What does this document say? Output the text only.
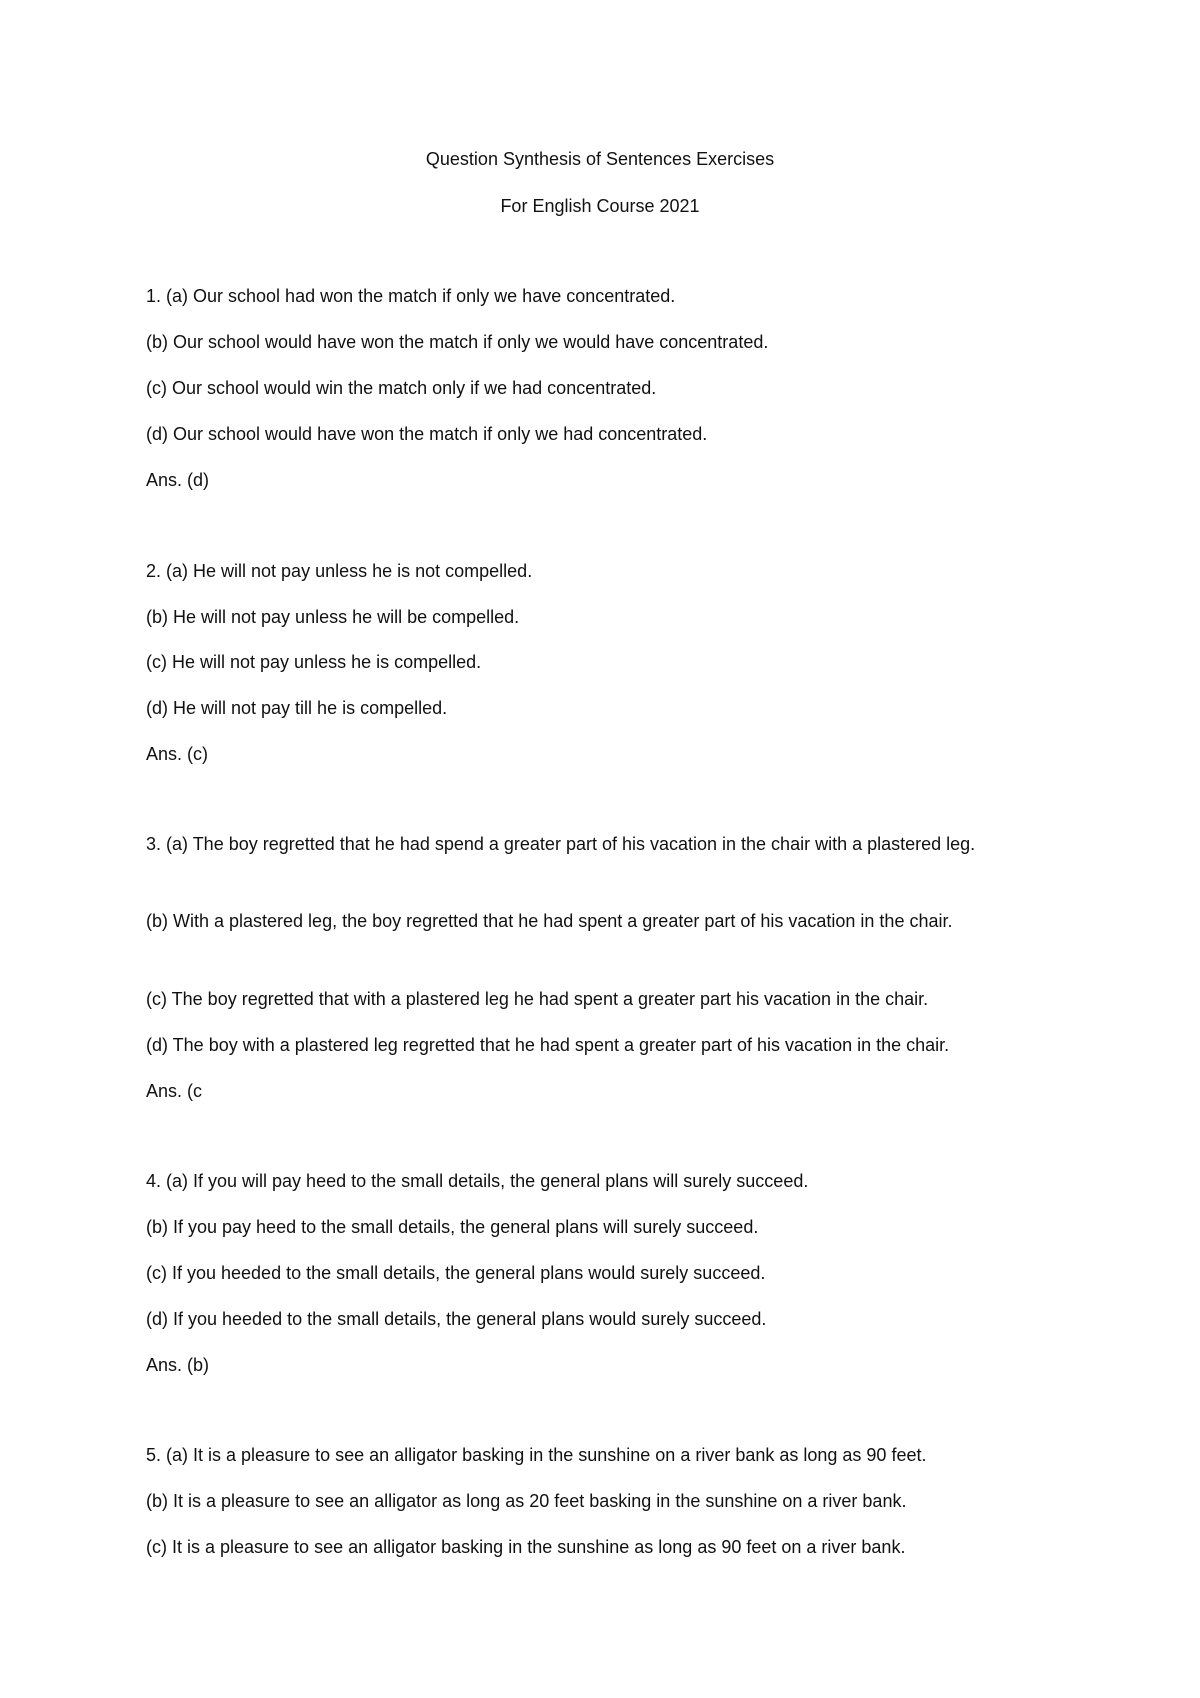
Question Synthesis of Sentences Exercises
For English Course 2021
1. (a) Our school had won the match if only we have concentrated.
(b) Our school would have won the match if only we would have concentrated.
(c) Our school would win the match only if we had concentrated.
(d) Our school would have won the match if only we had concentrated.
Ans. (d)
2. (a) He will not pay unless he is not compelled.
(b) He will not pay unless he will be compelled.
(c) He will not pay unless he is compelled.
(d) He will not pay till he is compelled.
Ans. (c)
3. (a) The boy regretted that he had spend a greater part of his vacation in the chair with a plastered leg.
(b) With a plastered leg, the boy regretted that he had spent a greater part of his vacation in the chair.
(c) The boy regretted that with a plastered leg he had spent a greater part his vacation in the chair.
(d) The boy with a plastered leg regretted that he had spent a greater part of his vacation in the chair.
Ans. (c
4. (a) If you will pay heed to the small details, the general plans will surely succeed.
(b) If you pay heed to the small details, the general plans will surely succeed.
(c) If you heeded to the small details, the general plans would surely succeed.
(d) If you heeded to the small details, the general plans would surely succeed.
Ans. (b)
5. (a) It is a pleasure to see an alligator basking in the sunshine on a river bank as long as 90 feet.
(b) It is a pleasure to see an alligator as long as 20 feet basking in the sunshine on a river bank.
(c) It is a pleasure to see an alligator basking in the sunshine as long as 90 feet on a river bank.
